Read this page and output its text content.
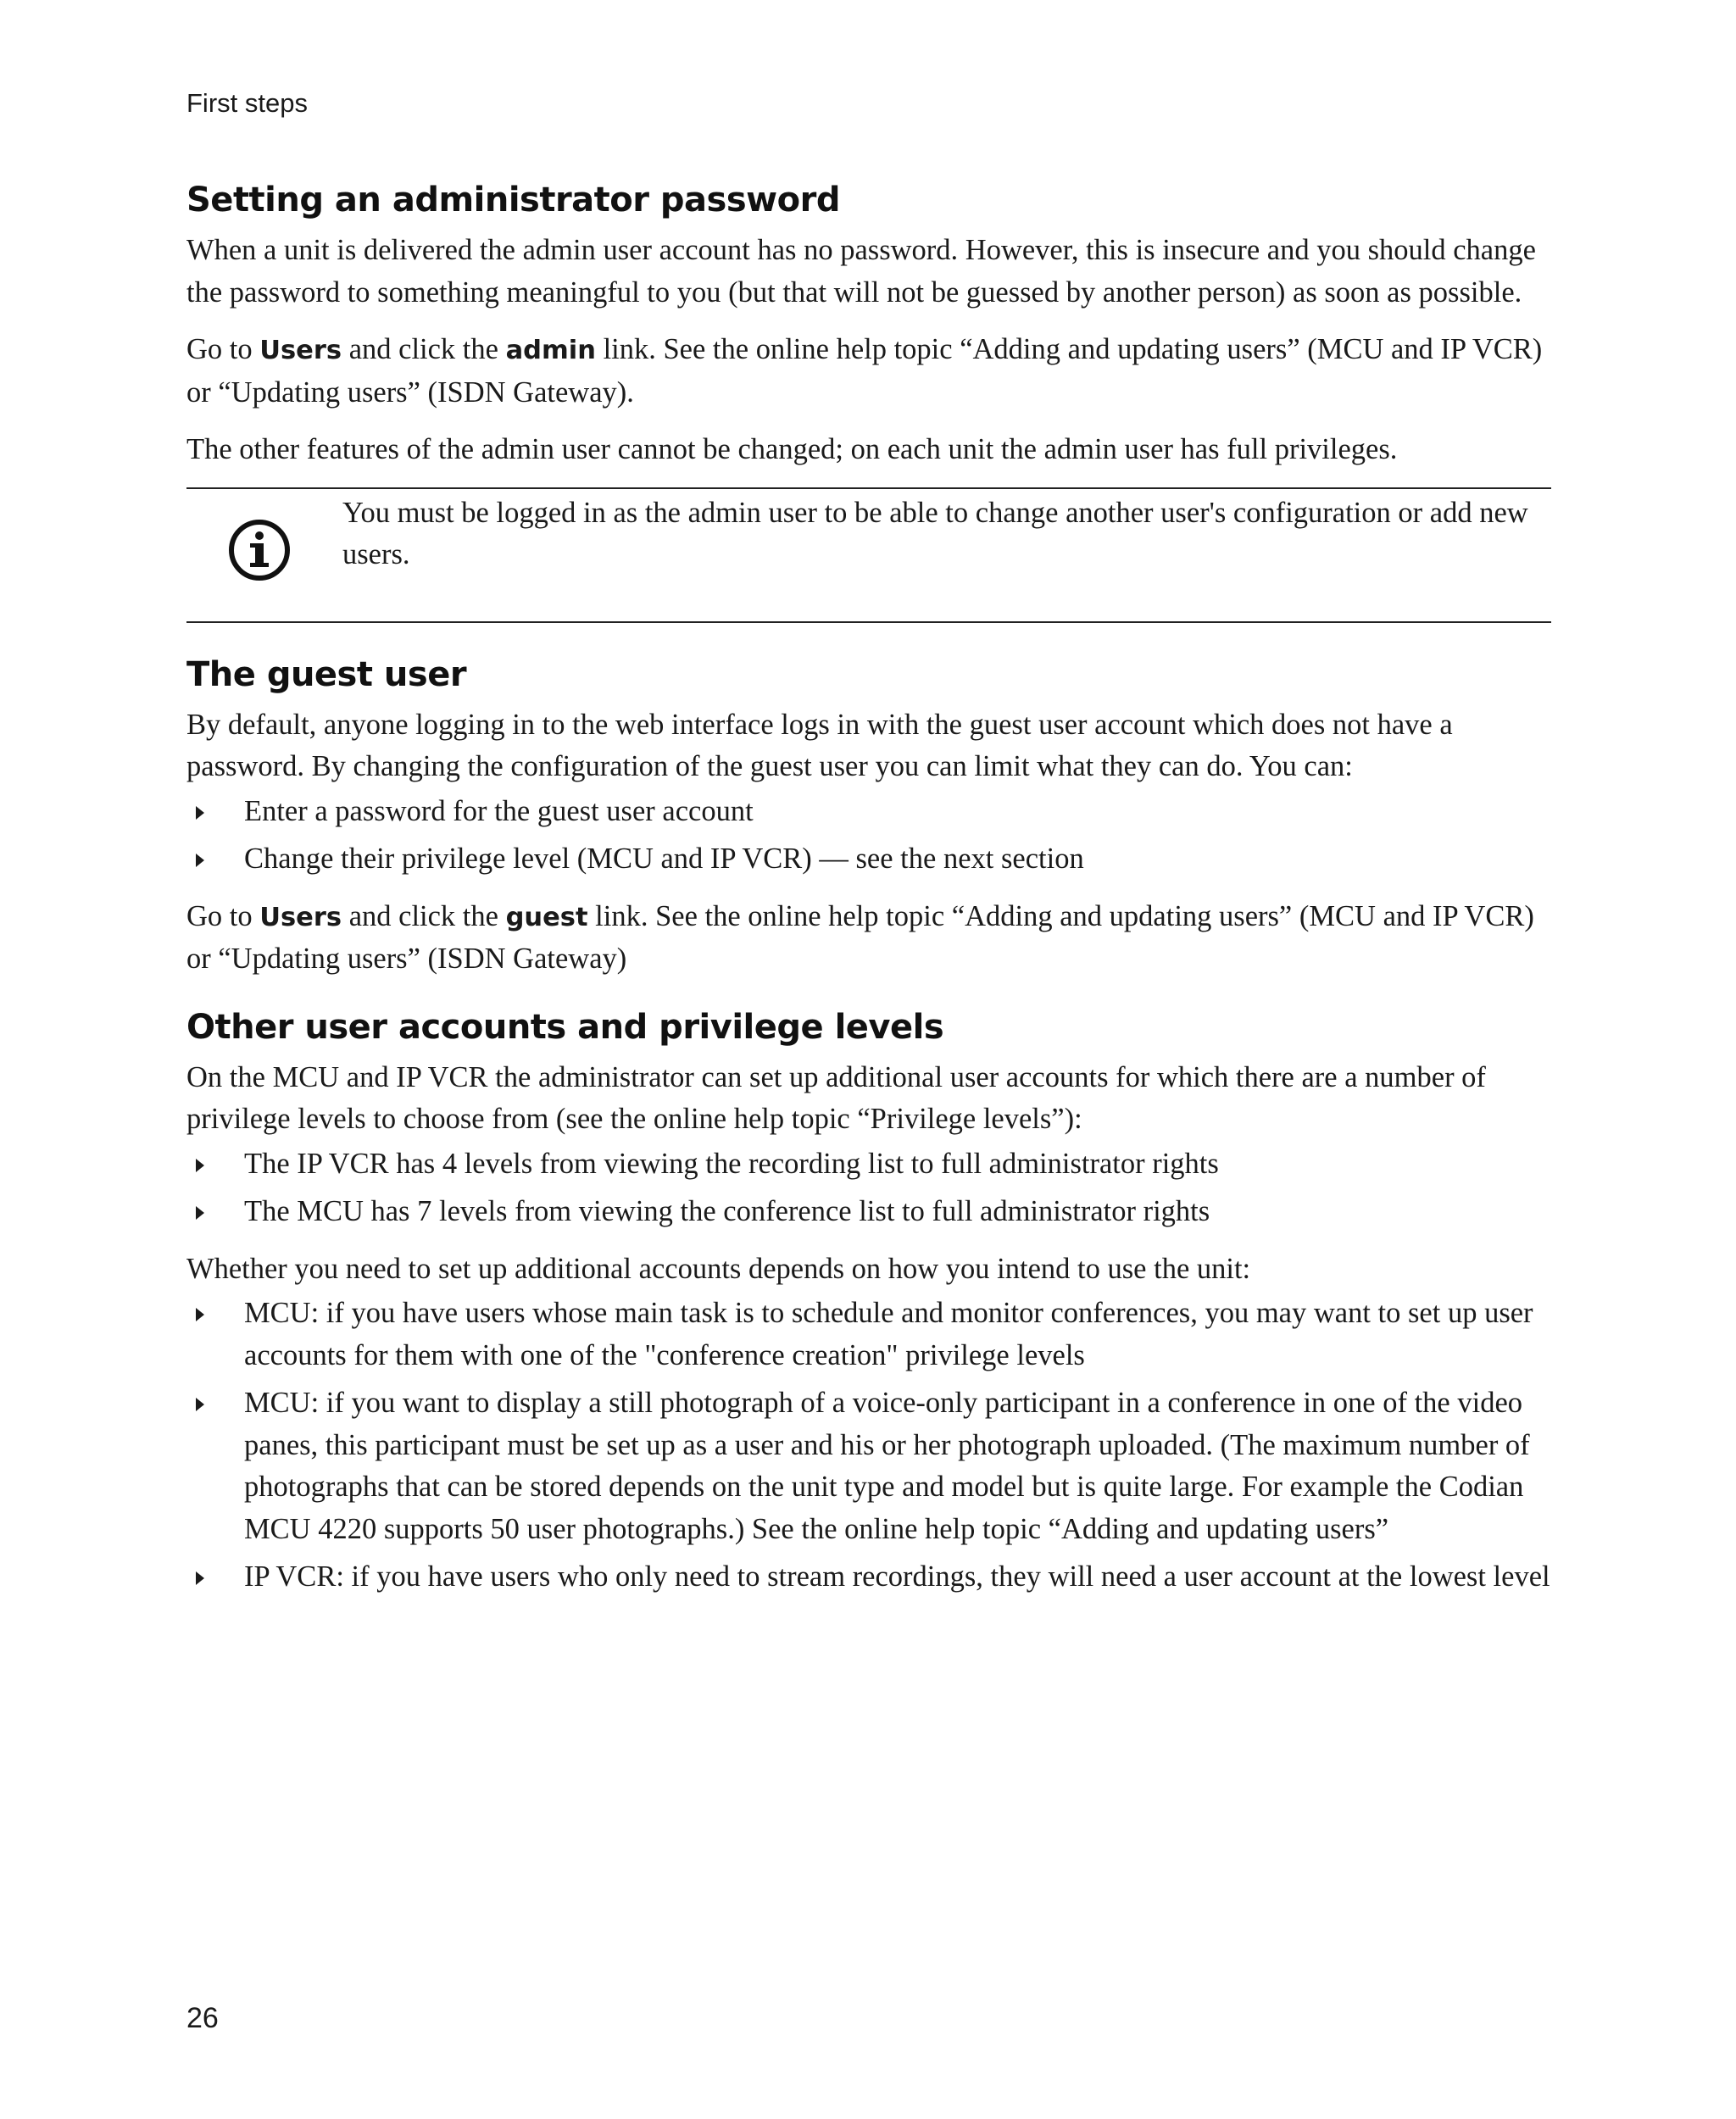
First steps
Setting an administrator password

When a unit is delivered the admin user account has no password. However, this is insecure and you should change the password to something meaningful to you (but that will not be guessed by another person) as soon as possible.

Go to Users and click the admin link. See the online help topic “Adding and updating users” (MCU and IP VCR) or “Updating users” (ISDN Gateway).

The other features of the admin user cannot be changed; on each unit the admin user has full privileges.

You must be logged in as the admin user to be able to change another user's configuration or add new users.

The guest user

By default, anyone logging in to the web interface logs in with the guest user account which does not have a password. By changing the configuration of the guest user you can limit what they can do. You can:

Enter a password for the guest user account
Change their privilege level (MCU and IP VCR) — see the next section

Go to Users and click the guest link. See the online help topic “Adding and updating users” (MCU and IP VCR) or “Updating users” (ISDN Gateway)

Other user accounts and privilege levels

On the MCU and IP VCR the administrator can set up additional user accounts for which there are a number of privilege levels to choose from (see the online help topic “Privilege levels”):

The IP VCR has 4 levels from viewing the recording list to full administrator rights
The MCU has 7 levels from viewing the conference list to full administrator rights

Whether you need to set up additional accounts depends on how you intend to use the unit:

MCU: if you have users whose main task is to schedule and monitor conferences, you may want to set up user accounts for them with one of the "conference creation" privilege levels
MCU: if you want to display a still photograph of a voice-only participant in a conference in one of the video panes, this participant must be set up as a user and his or her photograph uploaded. (The maximum number of photographs that can be stored depends on the unit type and model but is quite large. For example the Codian MCU 4220 supports 50 user photographs.) See the online help topic “Adding and updating users”
IP VCR: if you have users who only need to stream recordings, they will need a user account at the lowest level
26
